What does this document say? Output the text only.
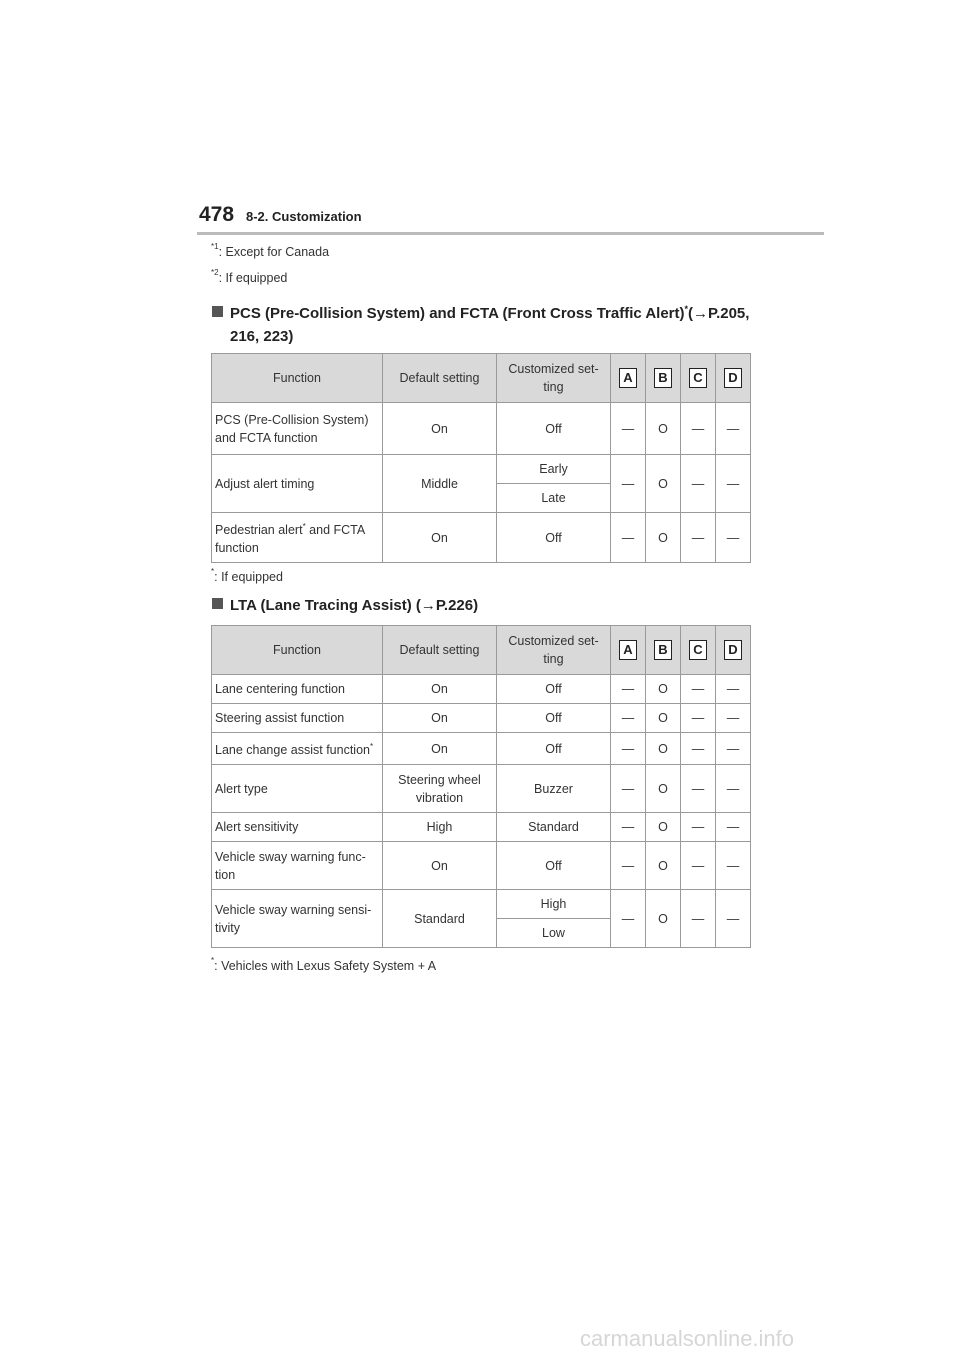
478 8-2. Customization
$^{*1}$: Except for Canada
$^{*2}$: If equipped
PCS (Pre-Collision System) and FCTA (Front Cross Traffic Alert)*(→P.205,
216, 223)
Function	Default setting	Customized set-
ting	A	B	C	D
PCS (Pre-Collision System)
and FCTA function	On	Off	—	O	—	—
Adjust alert timing	Middle	Early	—	O	—	—
		Late				
Pedestrian alert* and FCTA
function	On	Off	—	O	—	—
*: If equipped
LTA (Lane Tracing Assist) (→P.226)
Function	Default setting	Customized set-
ting	A	B	C	D
Lane centering function	On	Off	—	O	—	—
Steering assist function	On	Off	—	O	—	—
Lane change assist function*	On	Off	—	O	—	—
Alert type	Steering wheel
vibration	Buzzer	—	O	—	—
Alert sensitivity	High	Standard	—	O	—	—
Vehicle sway warning func-
tion	On	Off	—	O	—	—
Vehicle sway warning sensi-
tivity	Standard	High	—	O	—	—
		Low				
*: Vehicles with Lexus Safety System + A
carmanualsonline.info
